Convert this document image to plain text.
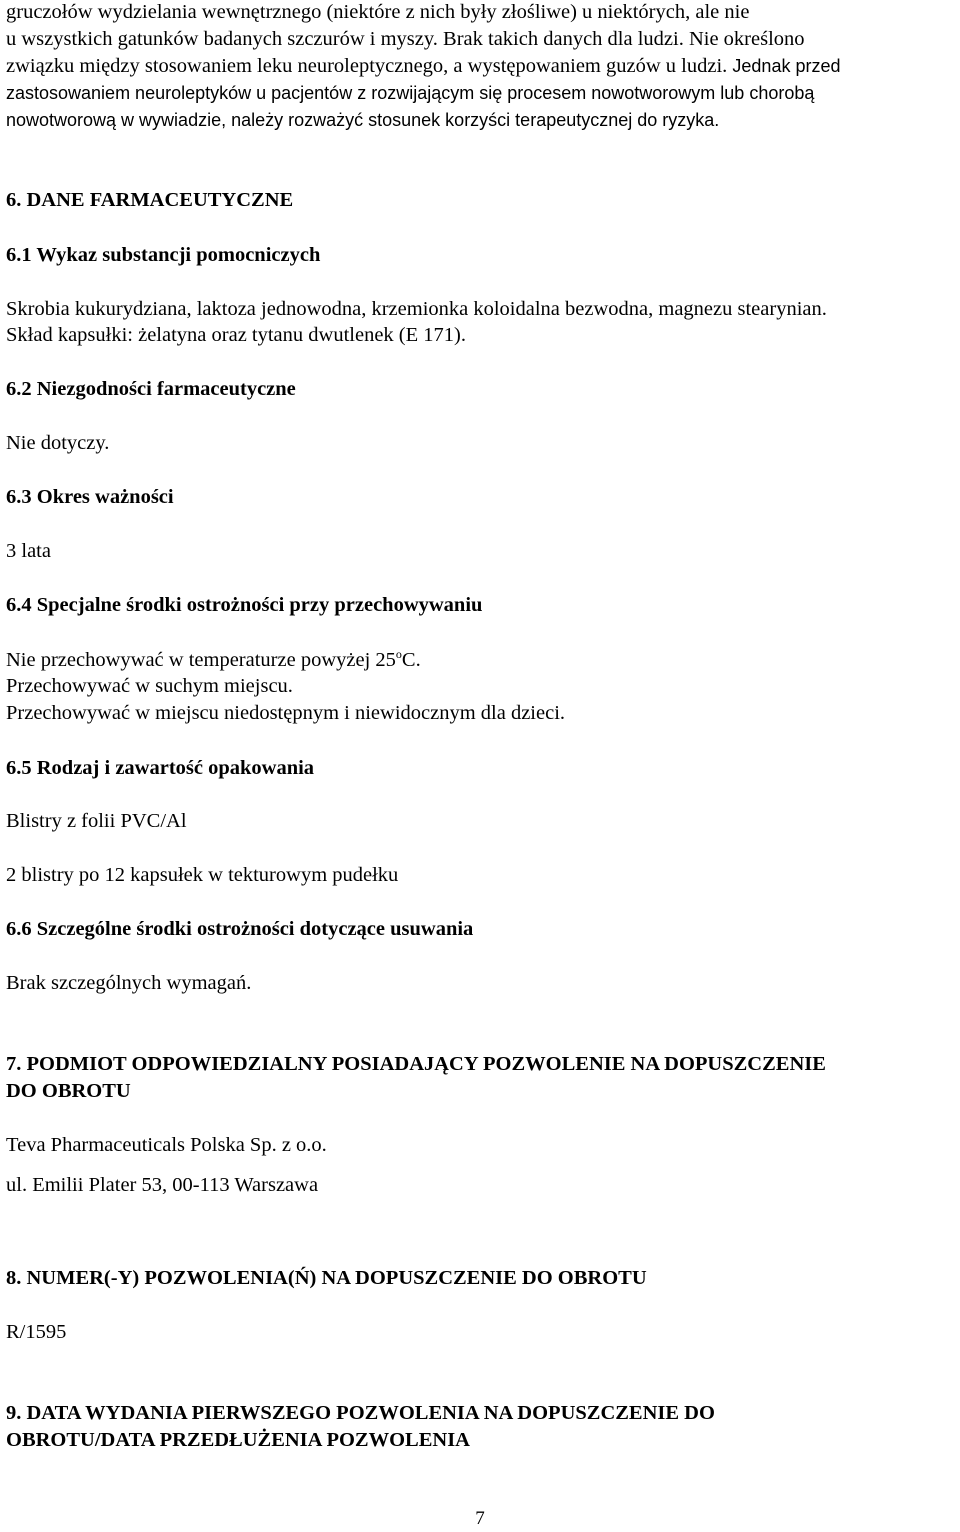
gruczołów wydzielania wewnętrznego (niektóre z nich były złośliwe) u niektórych, ale nie
u wszystkich gatunków badanych szczurów i myszy. Brak takich danych dla ludzi. Nie określono
związku między stosowaniem leku neuroleptycznego, a występowaniem guzów u ludzi. Jednak przed
zastosowaniem neuroleptyków u pacjentów z rozwijającym się procesem nowotworowym lub chorobą
nowotworową w wywiadzie, należy rozważyć stosunek korzyści terapeutycznej do ryzyka.
6. DANE FARMACEUTYCZNE
6.1 Wykaz substancji pomocniczych
Skrobia kukurydziana, laktoza jednowodna, krzemionka koloidalna bezwodna, magnezu stearynian.
Skład kapsułki: żelatyna oraz tytanu dwutlenek (E 171).
6.2 Niezgodności farmaceutyczne
Nie dotyczy.
6.3 Okres ważności
3 lata
6.4 Specjalne środki ostrożności przy przechowywaniu
Nie przechowywać w temperaturze powyżej 25$^o$C.
Przechowywać w suchym miejscu.
Przechowywać w miejscu niedostępnym i niewidocznym dla dzieci.
6.5 Rodzaj i zawartość opakowania
Blistry z folii PVC/Al
2 blistry po 12 kapsułek w tekturowym pudełku
6.6 Szczególne środki ostrożności dotyczące usuwania
Brak szczególnych wymagań.
7. PODMIOT ODPOWIEDZIALNY POSIADAJĄCY POZWOLENIE NA DOPUSZCZENIE
DO OBROTU
Teva Pharmaceuticals Polska Sp. z o.o.
ul. Emilii Plater 53, 00-113 Warszawa
8. NUMER(-Y) POZWOLENIA(Ń) NA DOPUSZCZENIE DO OBROTU
R/1595
9. DATA WYDANIA PIERWSZEGO POZWOLENIA NA DOPUSZCZENIE DO
OBROTU/DATA PRZEDŁUŻENIA POZWOLENIA
7
